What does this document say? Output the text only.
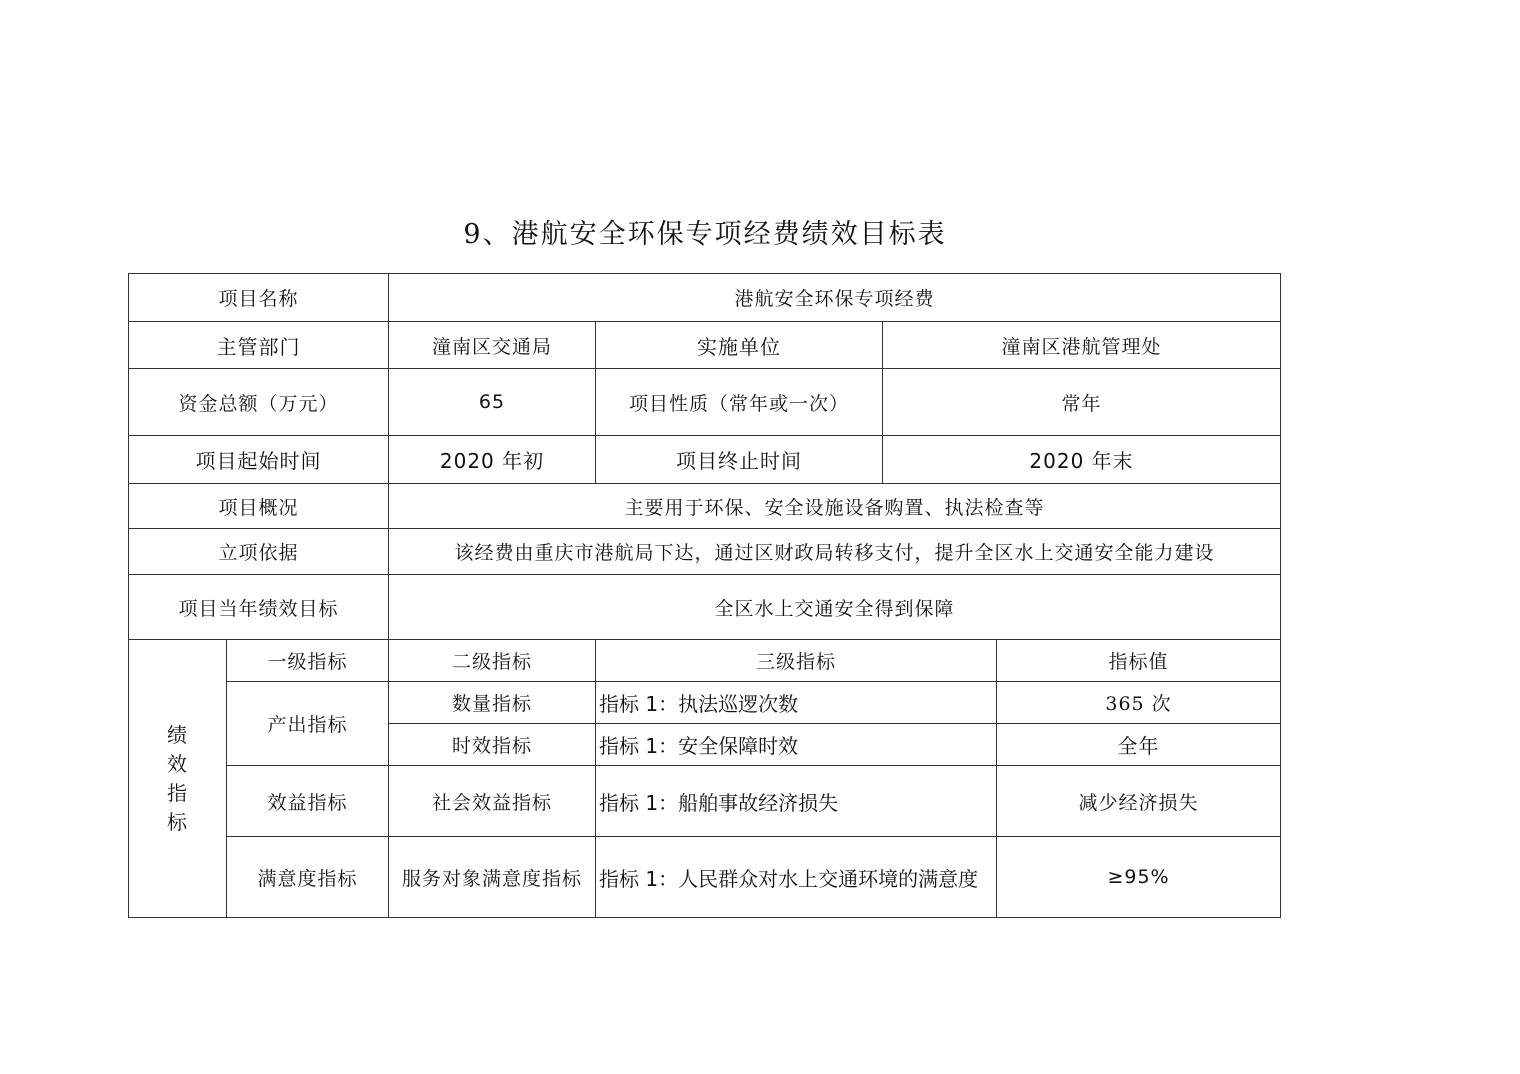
9、港航安全环保专项经费绩效目标表
项目名称		港航安全环保专项经费			
主管部门		潼南区交通局	实施单位	潼南区港航管理处	
资金总额（万元）		65	项目性质（常年或一次）	常年	
项目起始时间		2020 年初	项目终止时间	2020 年末	
项目概况		主要用于环保、安全设施设备购置、执法检查等			
立项依据		该经费由重庆市港航局下达，通过区财政局转移支付，提升全区水上交通安全能力建设			
项目当年绩效目标		全区水上交通安全得到保障			
绩
效
指
标	一级指标	二级指标	三级指标		指标值
	产出指标	数量指标	指标 1：执法巡逻次数		365 次
		时效指标	指标 1：安全保障时效		全年
	效益指标	社会效益指标	指标 1：船舶事故经济损失		减少经济损失
	满意度指标	服务对象满意度指标	指标 1：人民群众对水上交通环境的满意度		≥95%
